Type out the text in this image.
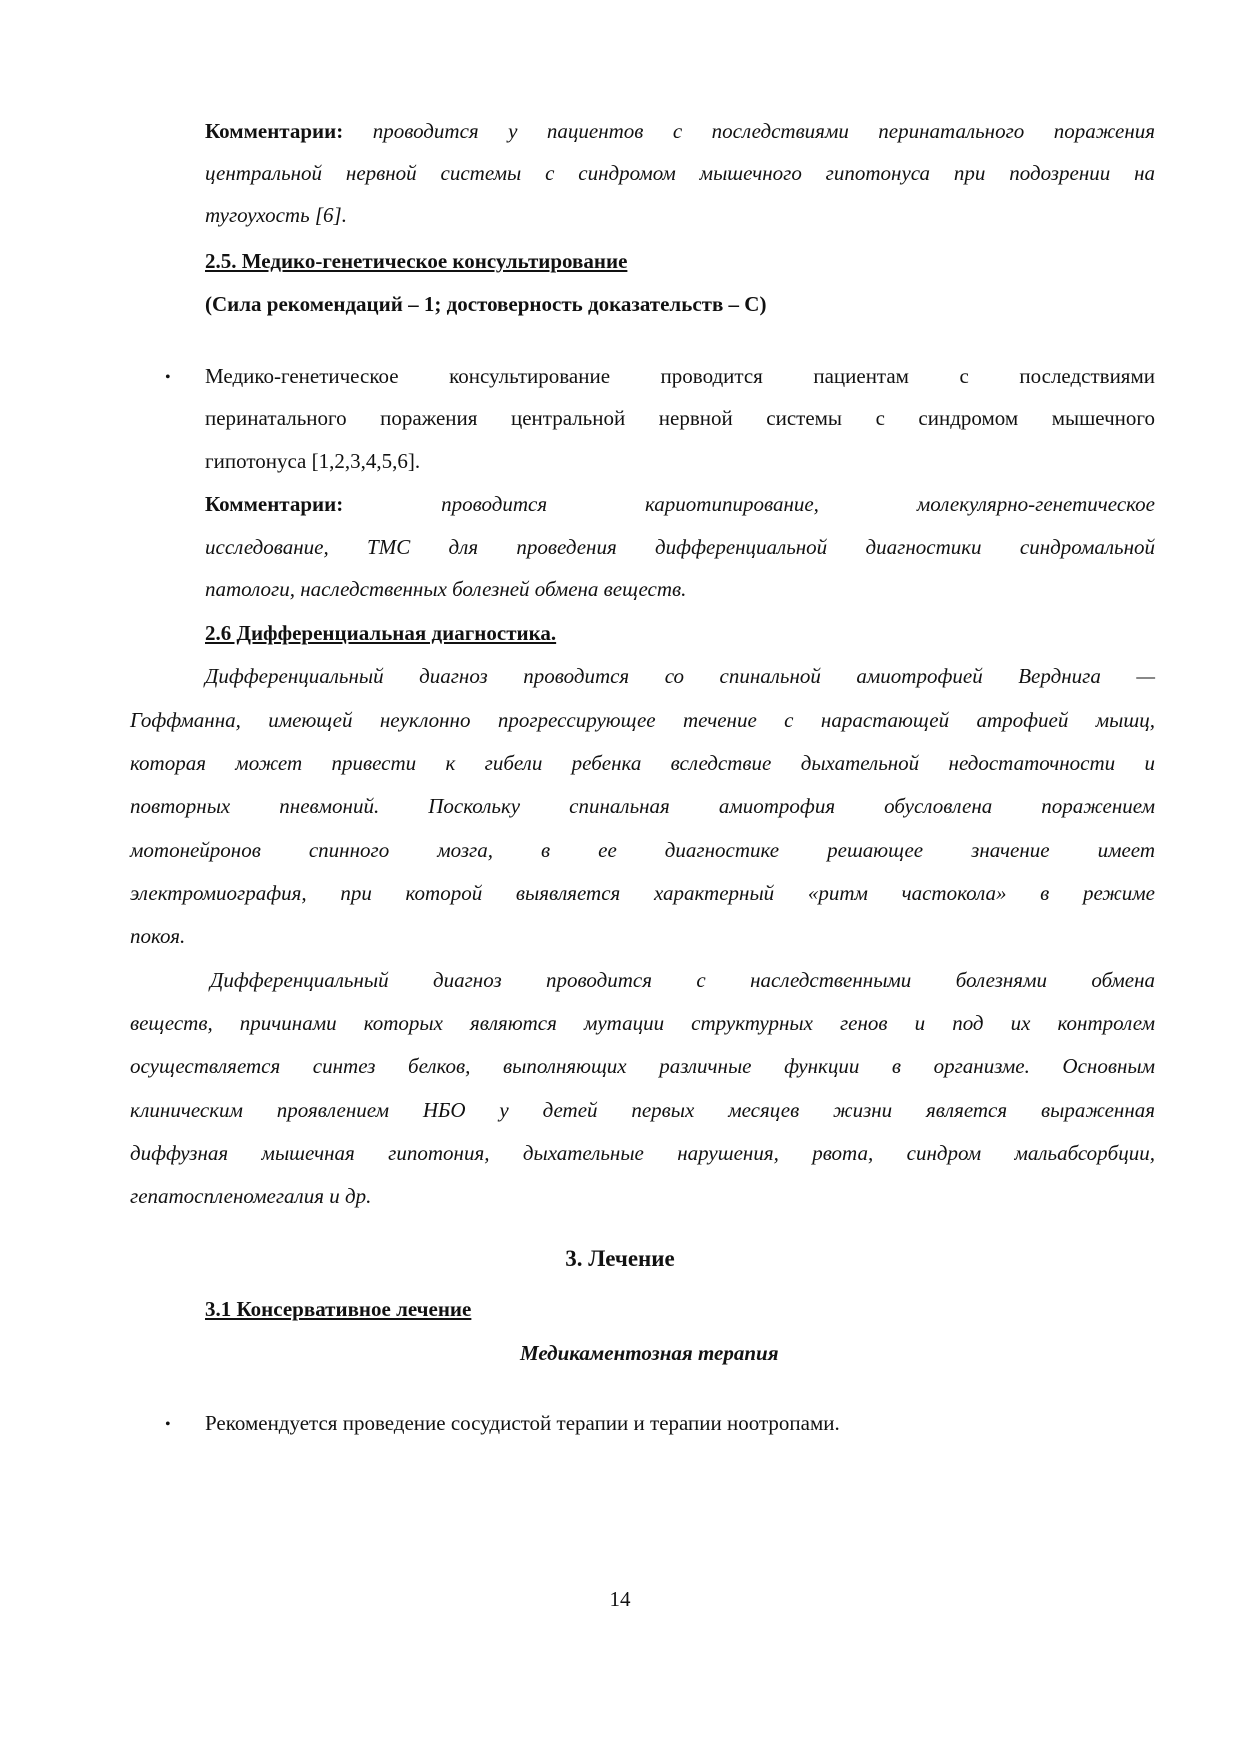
Комментарии: проводится у пациентов с последствиями перинатального поражения
центральной нервной системы с синдромом мышечного гипотонуса при подозрении на
тугоухость [6].
2.5. Медико-генетическое консультирование
(Сила рекомендаций – 1; достоверность доказательств – С)
• Медико-генетическое консультирование проводится пациентам с последствиями
перинатального поражения центральной нервной системы с синдромом мышечного
гипотонуса [1,2,3,4,5,6].
Комментарии:	проводится кариотипирование, молекулярно-генетическое
исследование, ТМС для проведения дифференциальной диагностики синдромальной
патологи, наследственных болезней обмена веществ.
2.6 Дифференциальная диагностика.
Дифференциальный диагноз проводится со спинальной амиотрофией Верднига —
Гоффманна, имеющей неуклонно прогрессирующее течение с нарастающей атрофией мышц,
которая может привести к гибели ребенка вследствие дыхательной недостаточности и
повторных пневмоний. Поскольку спинальная амиотрофия обусловлена поражением
мотонейронов спинного мозга, в ее диагностике решающее значение имеет
электромиография, при которой выявляется характерный «ритм частокола» в режиме
покоя.
Дифференциальный диагноз проводится с наследственными болезнями обмена
веществ, причинами которых являются мутации структурных генов и под их контролем
осуществляется синтез белков, выполняющих различные функции в организме. Основным
клиническим проявлением НБО у детей первых месяцев жизни является выраженная
диффузная мышечная гипотония, дыхательные нарушения, рвота, синдром мальабсорбции,
гепатоспленомегалия и др.
3. Лечение
3.1 Консервативное лечение
Медикаментозная терапия
• Рекомендуется проведение сосудистой терапии и терапии ноотропами.
14
